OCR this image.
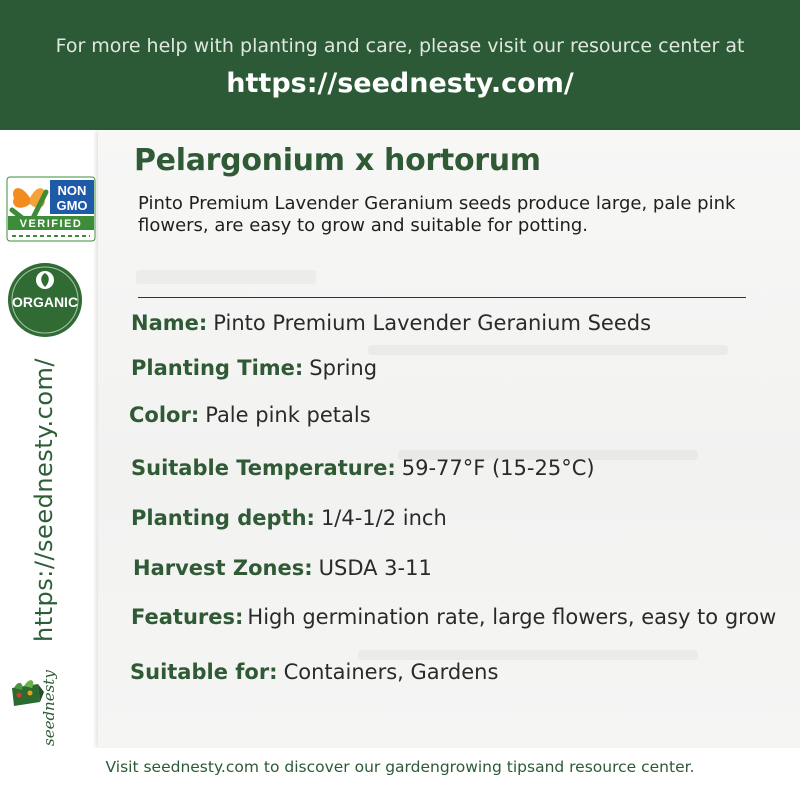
For more help with planting and care, please visit our resource center at
https://seednesty.com/
NON
GMO
VERIFIED
ORGANIC
https://seednesty.com/
seednesty
Pelargonium x hortorum
Pinto Premium Lavender Geranium seeds produce large, pale pink flowers, are easy to grow and suitable for potting.
Name: Pinto Premium Lavender Geranium Seeds
Planting Time: Spring
Color: Pale pink petals
Suitable Temperature: 59-77°F (15-25°C)
Planting depth: 1/4-1/2 inch
Harvest Zones: USDA 3-11
Features: High germination rate, large flowers, easy to grow
Suitable for: Containers, Gardens
Visit seednesty.com to discover our gardengrowing tipsand resource center.
